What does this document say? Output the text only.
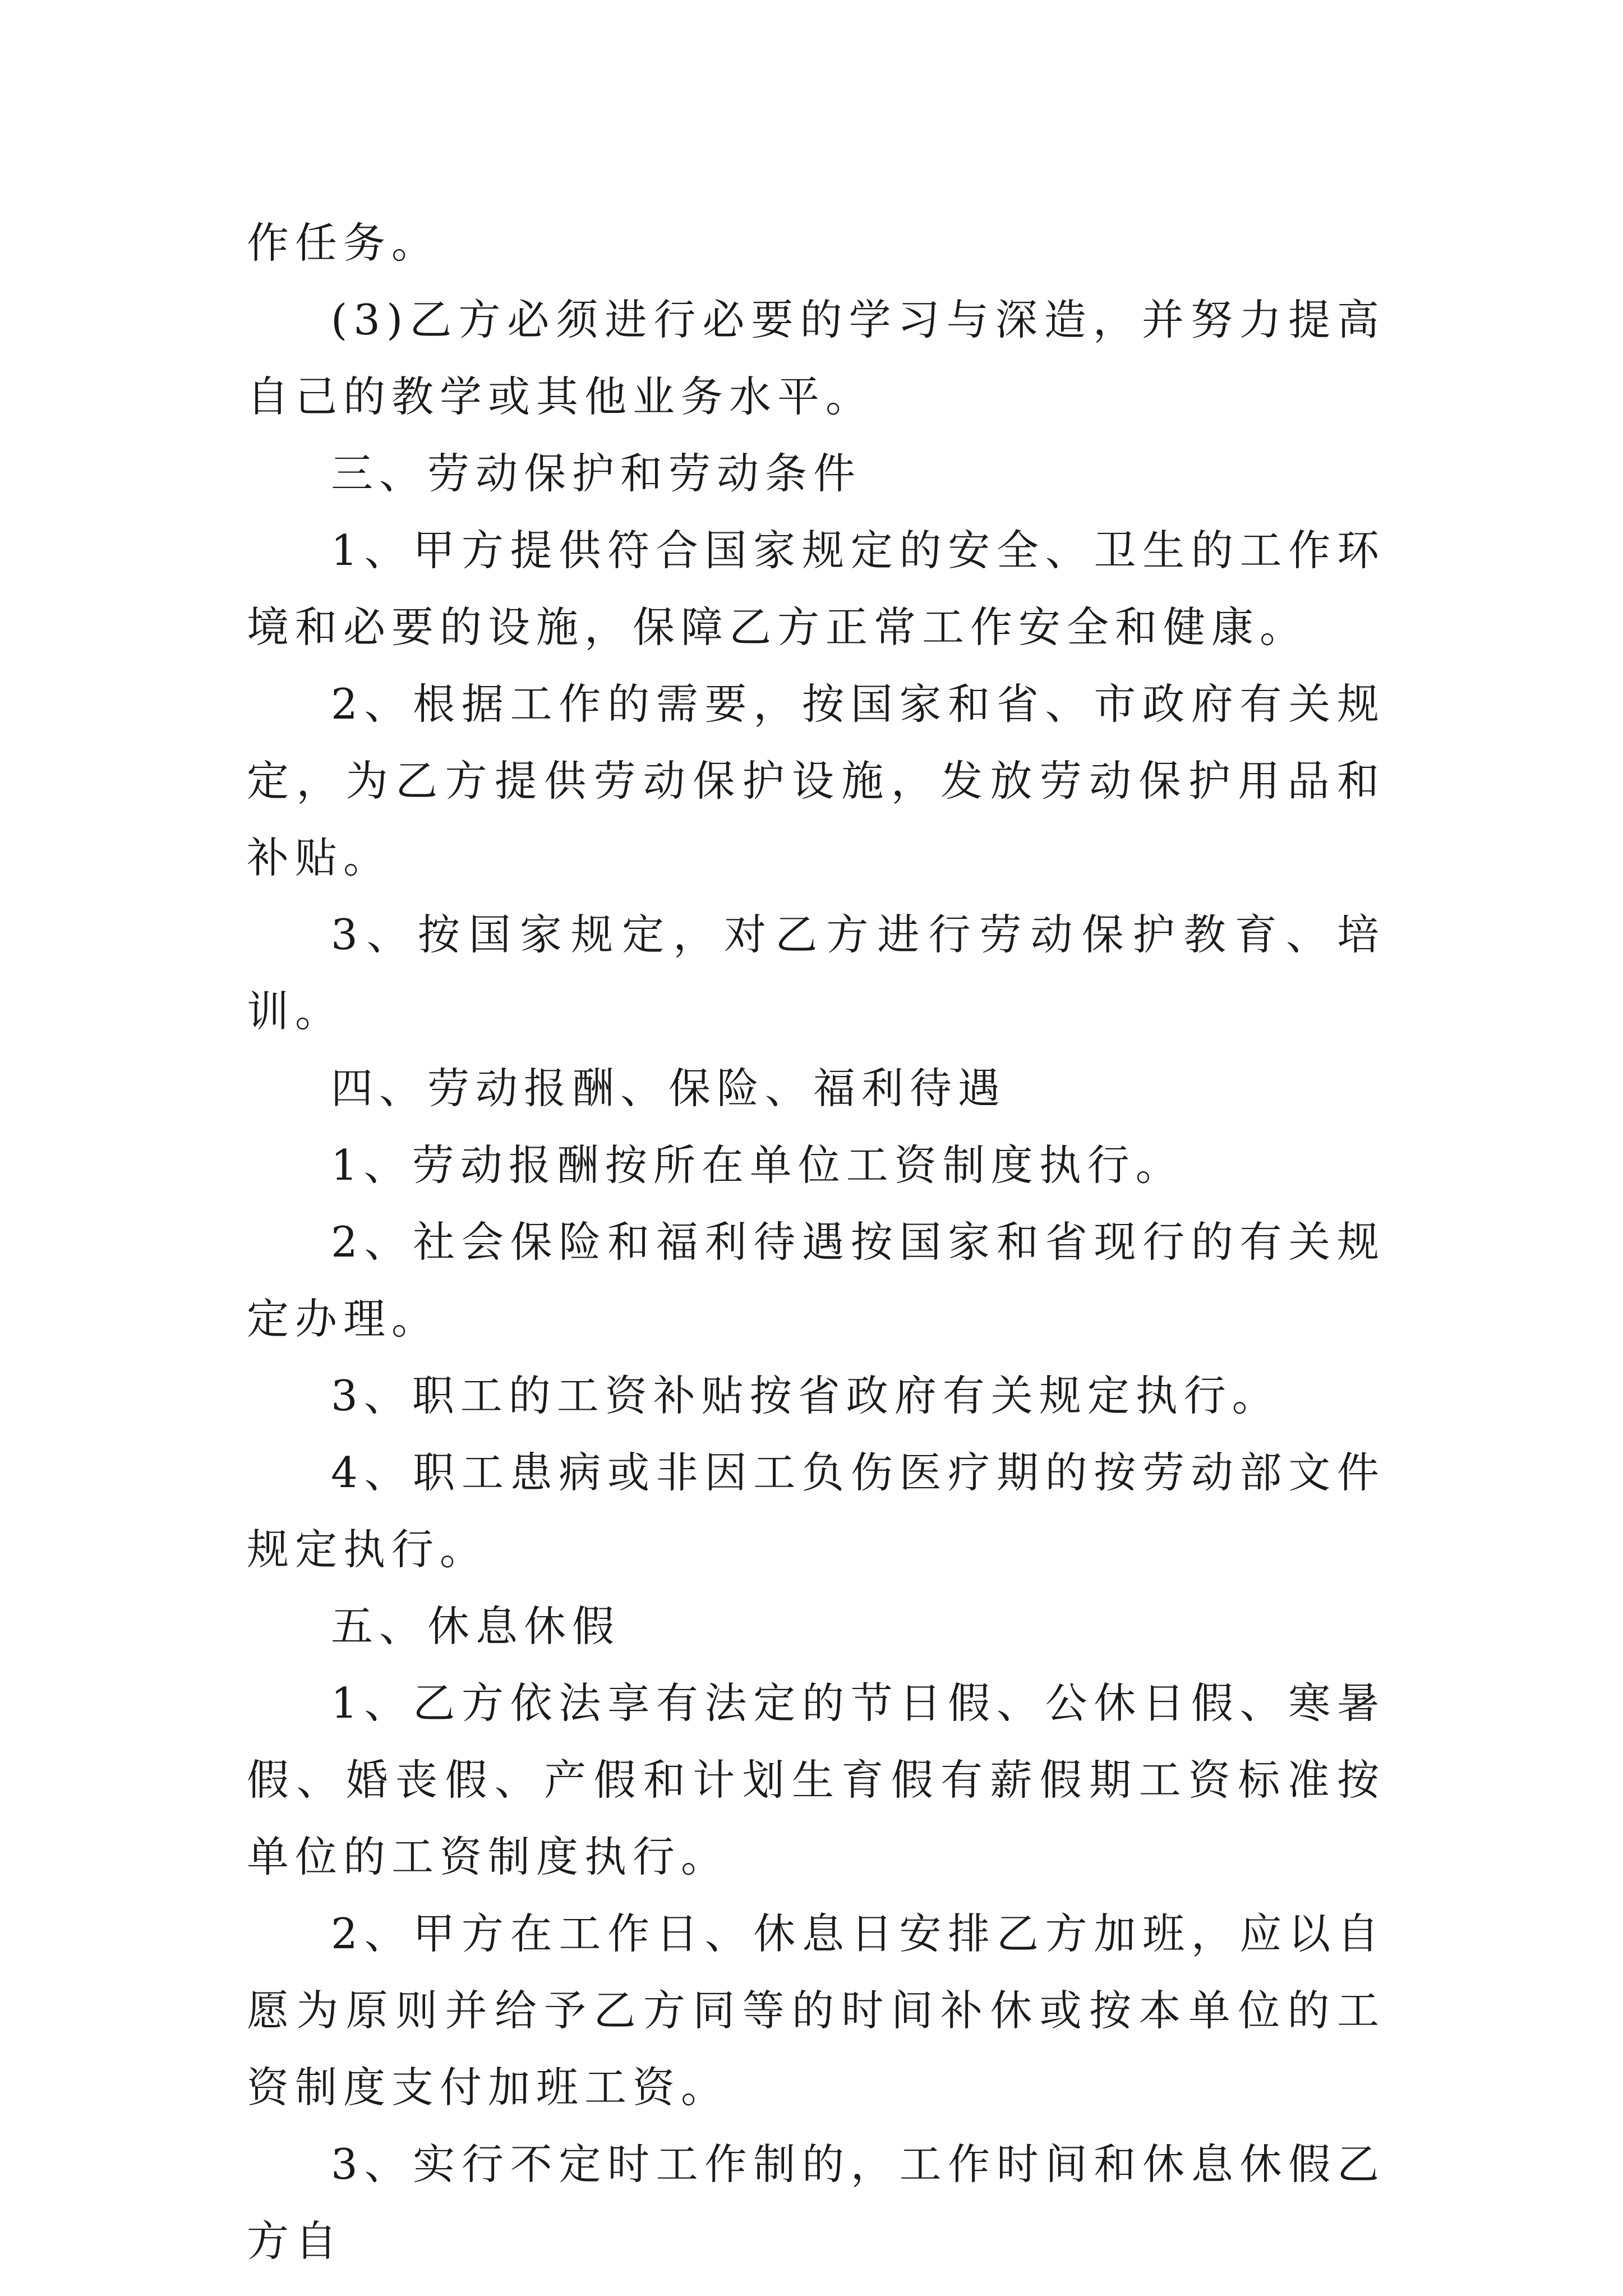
作任务。

(3)乙方必须进行必要的学习与深造，并努力提高自己的教学或其他业务水平。

三、劳动保护和劳动条件

1、甲方提供符合国家规定的安全、卫生的工作环境和必要的设施，保障乙方正常工作安全和健康。

2、根据工作的需要，按国家和省、市政府有关规定，为乙方提供劳动保护设施，发放劳动保护用品和补贴。

3、按国家规定，对乙方进行劳动保护教育、培训。

四、劳动报酬、保险、福利待遇

1、劳动报酬按所在单位工资制度执行。

2、社会保险和福利待遇按国家和省现行的有关规定办理。

3、职工的工资补贴按省政府有关规定执行。

4、职工患病或非因工负伤医疗期的按劳动部文件规定执行。

五、休息休假

1、乙方依法享有法定的节日假、公休日假、寒暑假、婚丧假、产假和计划生育假有薪假期工资标准按单位的工资制度执行。

2、甲方在工作日、休息日安排乙方加班，应以自愿为原则并给予乙方同等的时间补休或按本单位的工资制度支付加班工资。

3、实行不定时工作制的，工作时间和休息休假乙方自
